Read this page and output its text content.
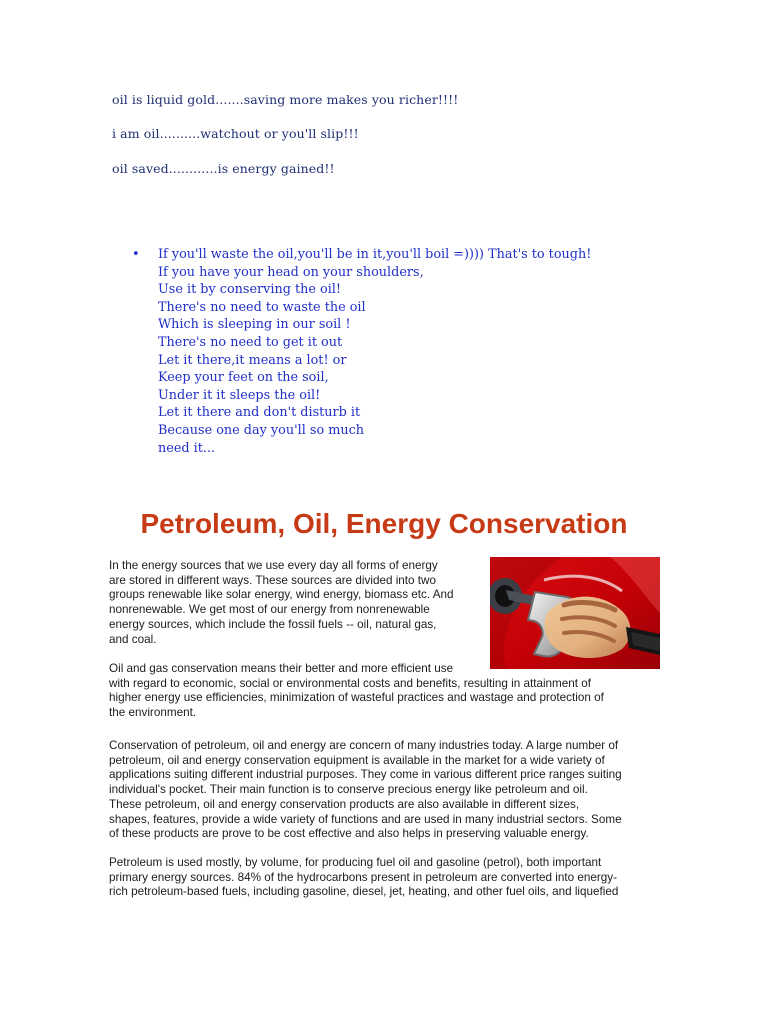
oil is liquid gold.......saving more makes you richer!!!!

i am oil..........watchout or you'll slip!!!

oil saved............is energy gained!!

• If you'll waste the oil,you'll be in it,you'll boil =)))) That's to tough!
If you have your head on your shoulders,
Use it by conserving the oil!
There's no need to waste the oil
Which is sleeping in our soil !
There's no need to get it out
Let it there,it means a lot! or
Keep your feet on the soil,
Under it it sleeps the oil!
Let it there and don't disturb it
Because one day you'll so much
need it...
Petroleum, Oil, Energy Conservation

In the energy sources that we use every day all forms of energy
are stored in different ways. These sources are divided into two
groups renewable like solar energy, wind energy, biomass etc. And
nonrenewable. We get most of our energy from nonrenewable
energy sources, which include the fossil fuels -- oil, natural gas,
and coal.

Oil and gas conservation means their better and more efficient use
with regard to economic, social or environmental costs and benefits, resulting in attainment of
higher energy use efficiencies, minimization of wasteful practices and wastage and protection of
the environment.

Conservation of petroleum, oil and energy are concern of many industries today. A large number of
petroleum, oil and energy conservation equipment is available in the market for a wide variety of
applications suiting different industrial purposes. They come in various different price ranges suiting
individual's pocket. Their main function is to conserve precious energy like petroleum and oil.
These petroleum, oil and energy conservation products are also available in different sizes,
shapes, features, provide a wide variety of functions and are used in many industrial sectors. Some
of these products are prove to be cost effective and also helps in preserving valuable energy.

Petroleum is used mostly, by volume, for producing fuel oil and gasoline (petrol), both important
primary energy sources. 84% of the hydrocarbons present in petroleum are converted into energy-
rich petroleum-based fuels, including gasoline, diesel, jet, heating, and other fuel oils, and liquefied
